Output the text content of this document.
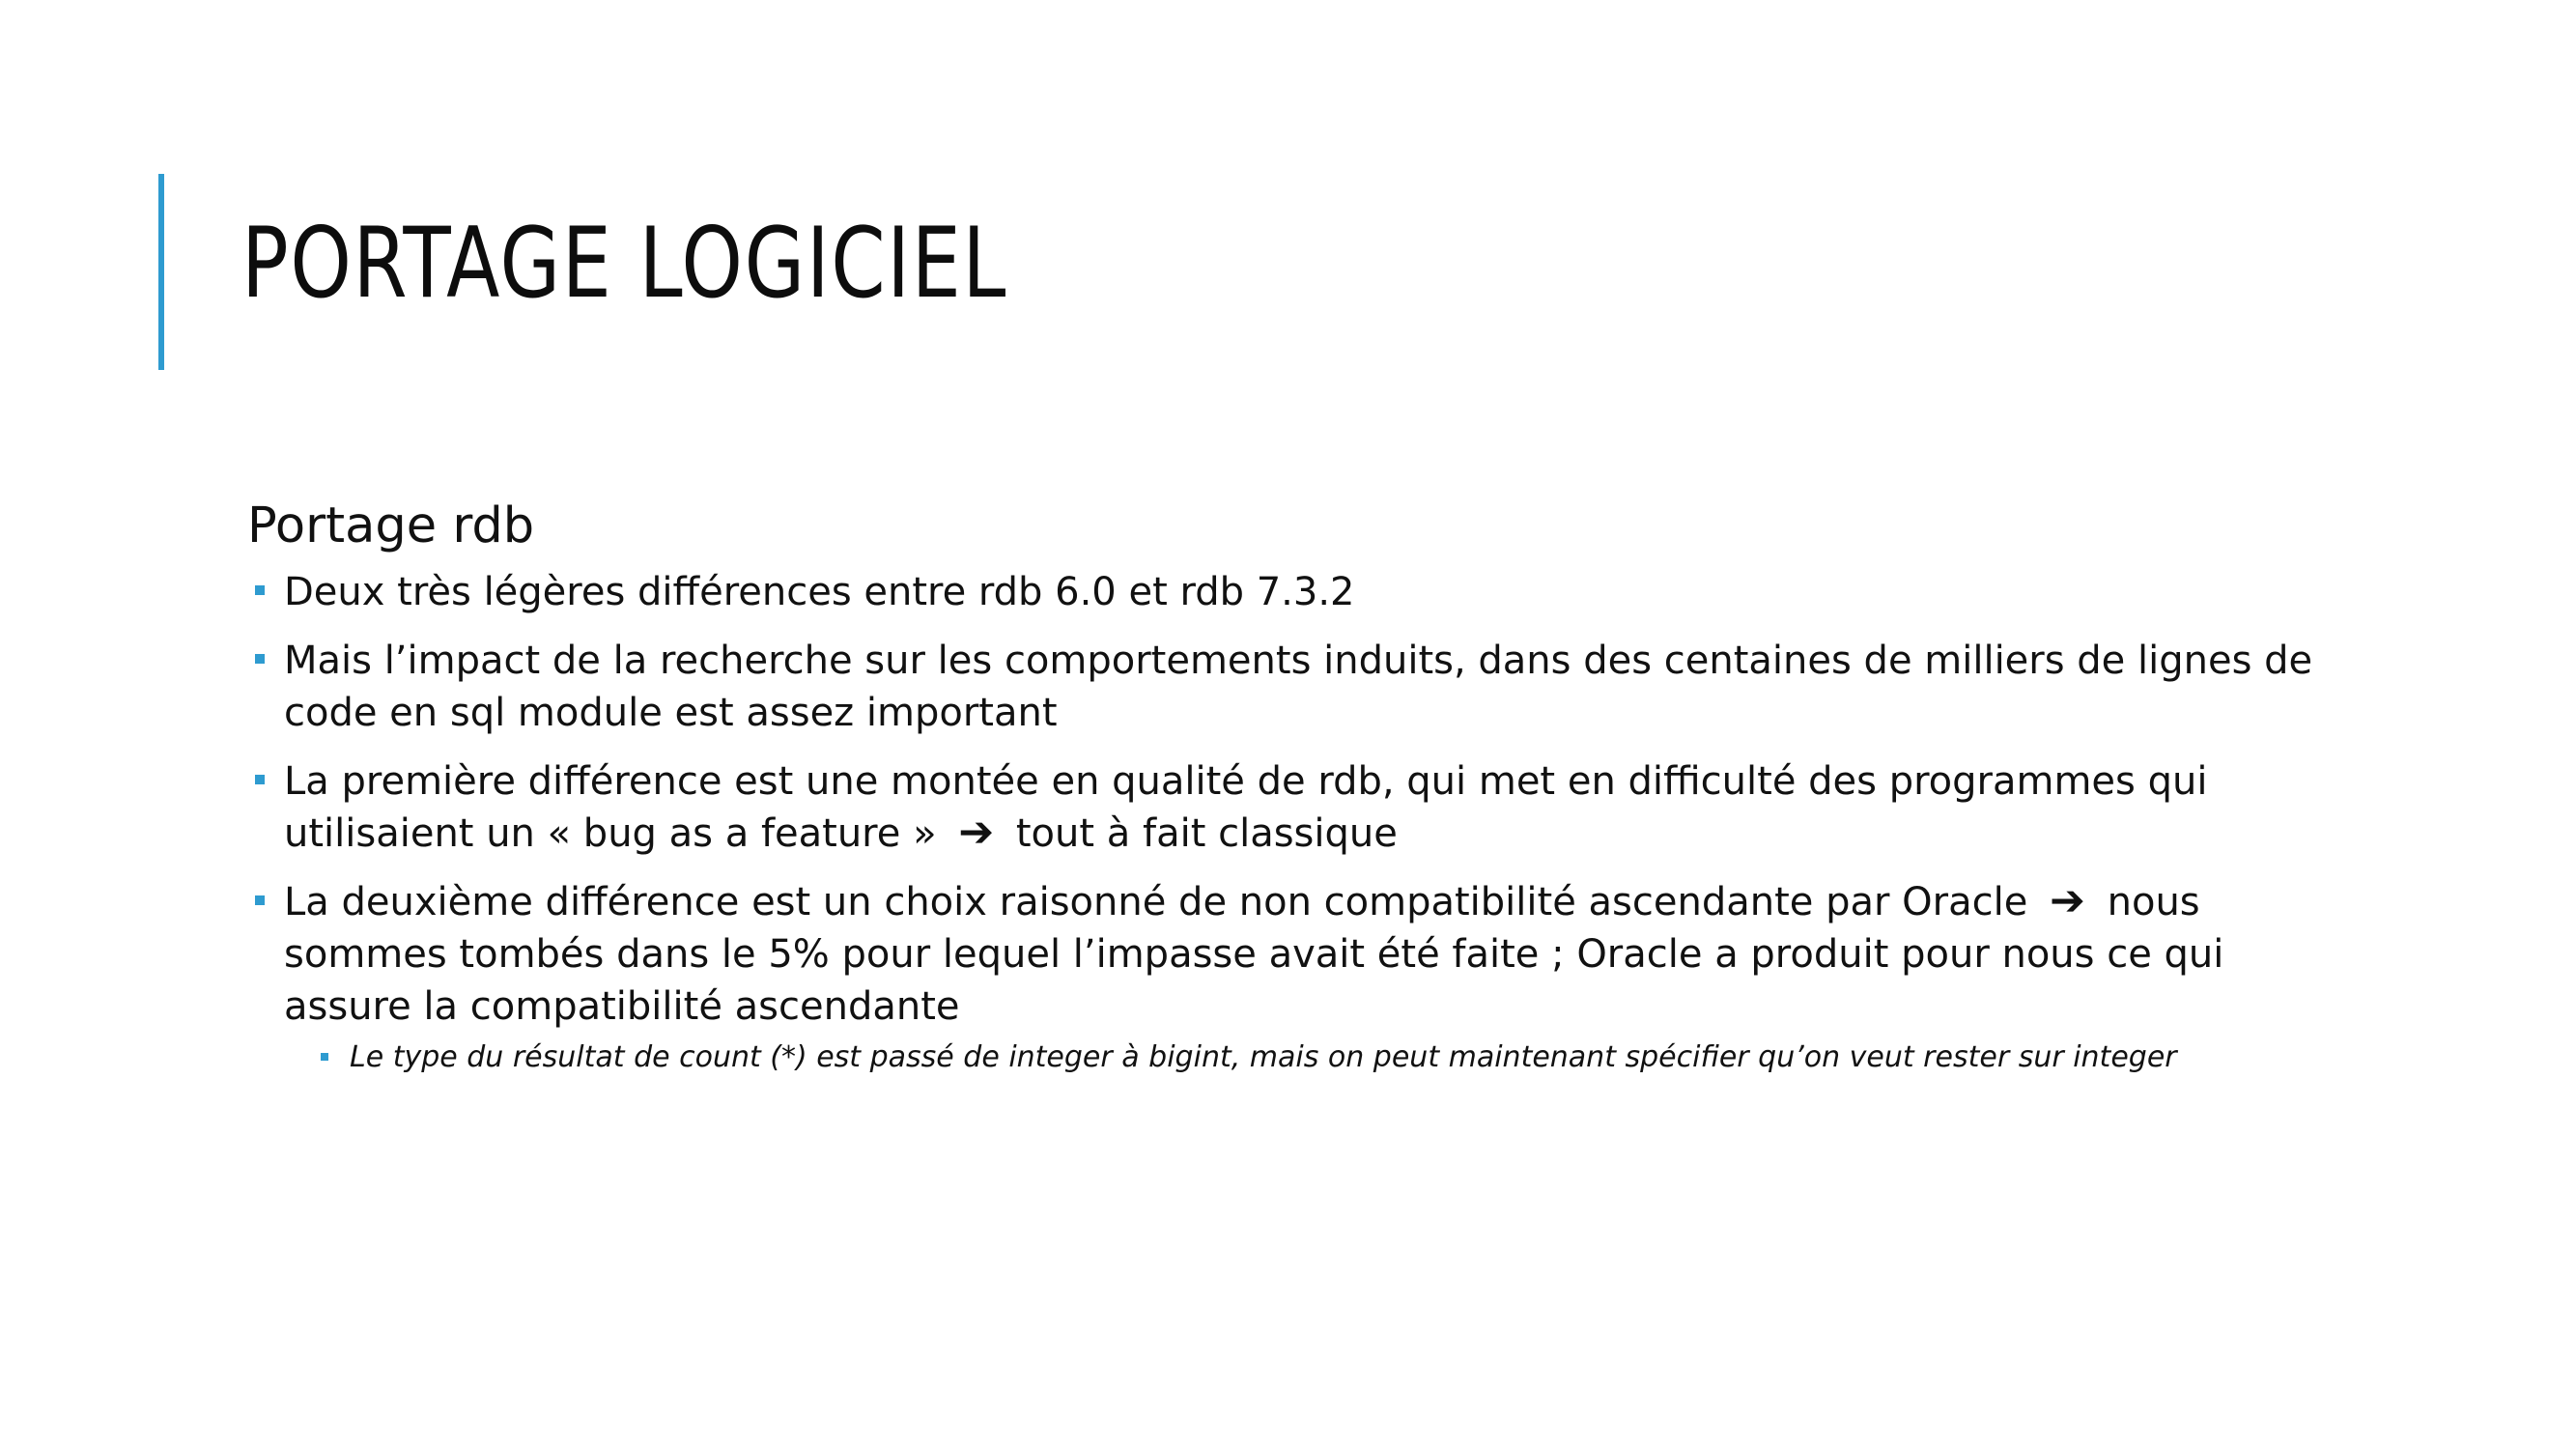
PORTAGE LOGICIEL

Portage rdb

Deux très légères différences entre rdb 6.0 et rdb 7.3.2
Mais l’impact de la recherche sur les comportements induits, dans des centaines de milliers de lignes de code en sql module est assez important
La première différence est une montée en qualité de rdb, qui met en difficulté des programmes qui utilisaient un « bug as a feature » ➔ tout à fait classique
La deuxième différence est un choix raisonné de non compatibilité ascendante par Oracle ➔ nous sommes tombés dans le 5% pour lequel l’impasse avait été faite ; Oracle a produit pour nous ce qui assure la compatibilité ascendante
Le type du résultat de count (*) est passé de integer à bigint, mais on peut maintenant spécifier qu’on veut rester sur integer
